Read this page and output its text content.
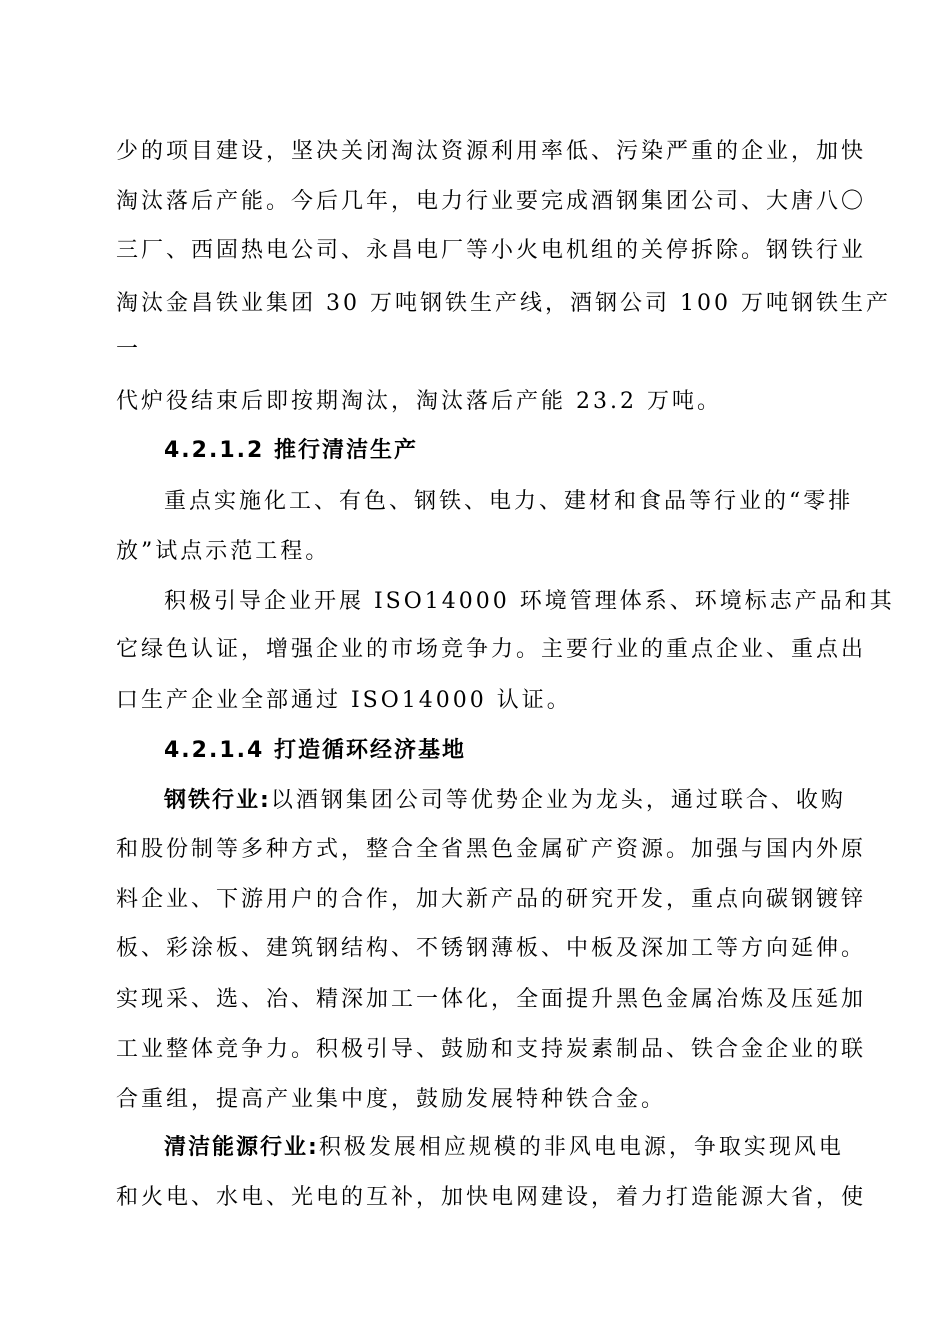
少的项目建设，坚决关闭淘汰资源利用率低、污染严重的企业，加快
淘汰落后产能。今后几年，电力行业要完成酒钢集团公司、大唐八〇
三厂、西固热电公司、永昌电厂等小火电机组的关停拆除。钢铁行业
淘汰金昌铁业集团 30 万吨钢铁生产线，酒钢公司 100 万吨钢铁生产
一
代炉役结束后即按期淘汰，淘汰落后产能 23.2 万吨。
4.2.1.2 推行清洁生产
重点实施化工、有色、钢铁、电力、建材和食品等行业的“零排
放”试点示范工程。
积极引导企业开展 ISO14000 环境管理体系、环境标志产品和其
它绿色认证，增强企业的市场竞争力。主要行业的重点企业、重点出
口生产企业全部通过 ISO14000 认证。
4.2.1.4 打造循环经济基地
钢铁行业:以酒钢集团公司等优势企业为龙头，通过联合、收购
和股份制等多种方式，整合全省黑色金属矿产资源。加强与国内外原
料企业、下游用户的合作，加大新产品的研究开发，重点向碳钢镀锌
板、彩涂板、建筑钢结构、不锈钢薄板、中板及深加工等方向延伸。
实现采、选、冶、精深加工一体化，全面提升黑色金属冶炼及压延加
工业整体竞争力。积极引导、鼓励和支持炭素制品、铁合金企业的联
合重组，提高产业集中度，鼓励发展特种铁合金。
清洁能源行业:积极发展相应规模的非风电电源，争取实现风电
和火电、水电、光电的互补，加快电网建设，着力打造能源大省，使
